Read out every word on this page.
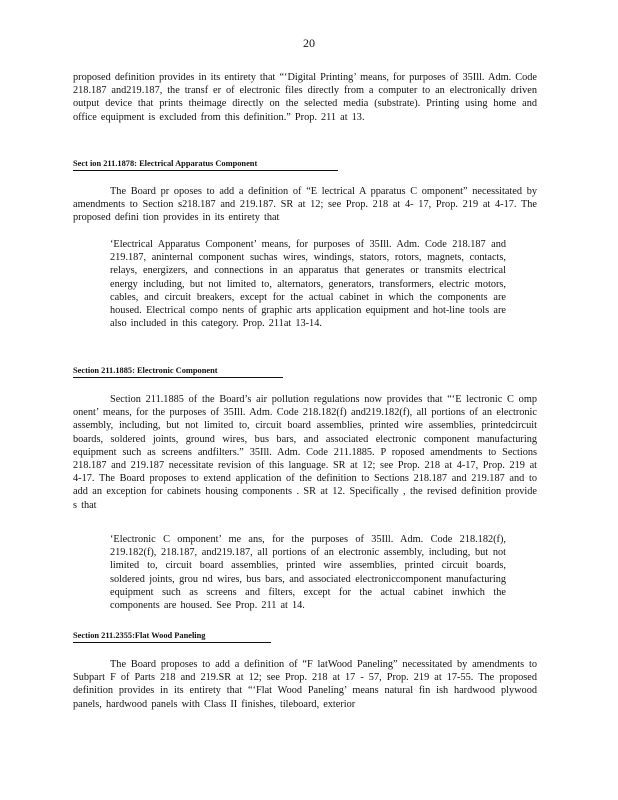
20
proposed definition provides in its entirety that “‘Digital Printing’ means, for purposes of 35Ill. Adm. Code 218.187 and219.187, the transf er of electronic files directly from a computer to an electronically driven output device that prints theimage directly on the selected media (substrate). Printing using home and office equipment is excluded from this definition.” Prop. 211 at 13.
Sect ion 211.1878: Electrical Apparatus Component
The Board pr oposes to add a definition of “E lectrical A pparatus C omponent” necessitated by amendments to Section s218.187 and 219.187. SR at 12; see Prop. 218 at 4- 17, Prop. 219 at 4-17. The proposed defini tion provides in its entirety that
‘Electrical Apparatus Component’ means, for purposes of 35Ill. Adm. Code 218.187 and 219.187, aninternal component suchas wires, windings, stators, rotors, magnets, contacts, relays, energizers, and connections in an apparatus that generates or transmits electrical energy including, but not limited to, alternators, generators, transformers, electric motors, cables, and circuit breakers, except for the actual cabinet in which the components are housed. Electrical compo nents of graphic arts application equipment and hot-line tools are also included in this category. Prop. 211at 13-14.
Section 211.1885: Electronic Component
Section 211.1885 of the Board’s air pollution regulations now provides that “‘E lectronic C omp onent’ means, for the purposes of 35Ill. Adm. Code 218.182(f) and219.182(f), all portions of an electronic assembly, including, but not limited to, circuit board assemblies, printed wire assemblies, printedcircuit boards, soldered joints, ground wires, bus bars, and associated electronic component manufacturing equipment such as screens andfilters.” 35Ill. Adm. Code 211.1885. P roposed amendments to Sections 218.187 and 219.187 necessitate revision of this language. SR at 12; see Prop. 218 at 4-17, Prop. 219 at 4-17. The Board proposes to extend application of the definition to Sections 218.187 and 219.187 and to add an exception for cabinets housing components . SR at 12. Specifically , the revised definition provide s that
‘Electronic C omponent’ me ans, for the purposes of 35Ill. Adm. Code 218.182(f), 219.182(f), 218.187, and219.187, all portions of an electronic assembly, including, but not limited to, circuit board assemblies, printed wire assemblies, printed circuit boards, soldered joints, grou nd wires, bus bars, and associated electroniccomponent manufacturing equipment such as screens and filters, except for the actual cabinet inwhich the components are housed. See Prop. 211 at 14.
Section 211.2355:Flat Wood Paneling
The Board proposes to add a definition of “F latWood Paneling” necessitated by amendments to Subpart F of Parts 218 and 219.SR at 12; see Prop. 218 at 17 - 57, Prop. 219 at 17-55. The proposed definition provides in its entirety that “‘Flat Wood Paneling’ means natural fin ish hardwood plywood panels, hardwood panels with Class II finishes, tileboard, exterior
